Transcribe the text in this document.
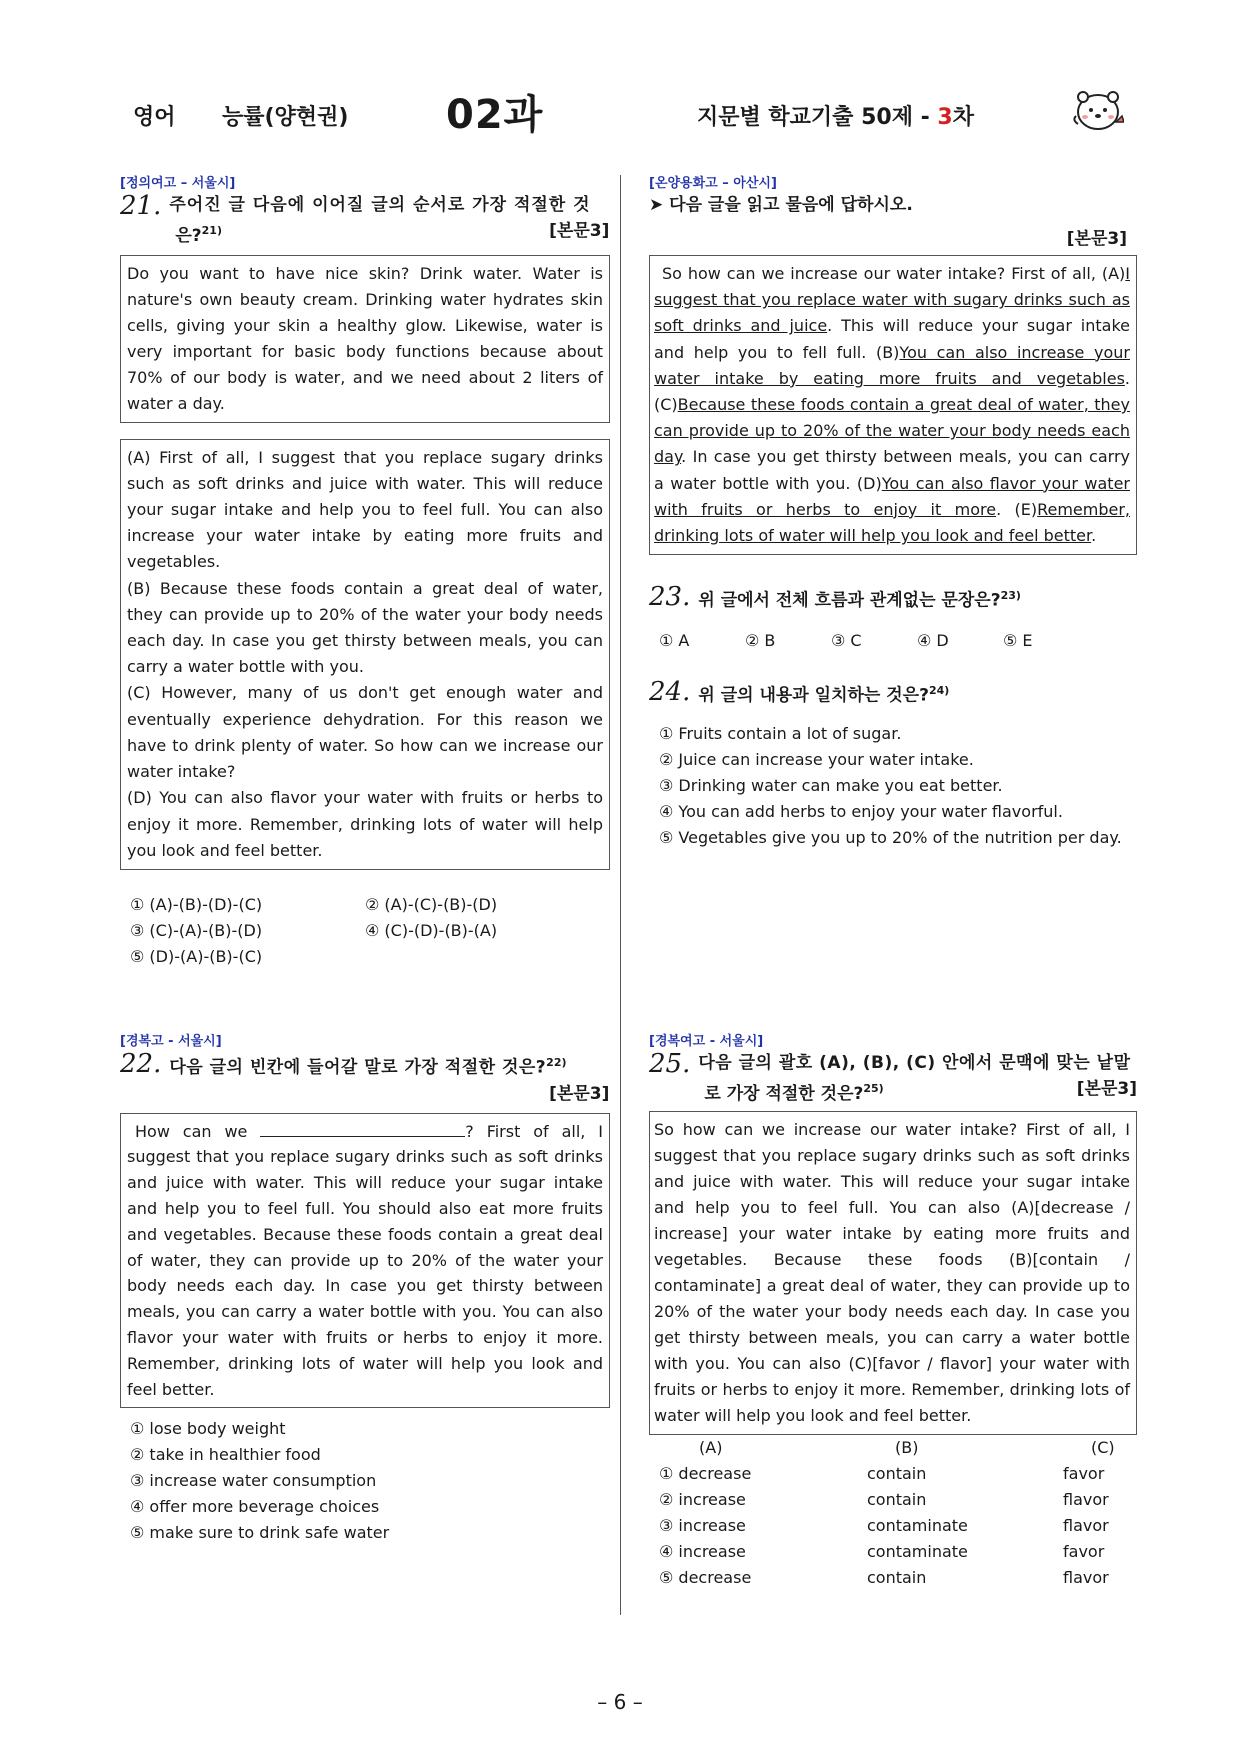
영어 능률(양현권) 02과	지문별 학교기출 50제 - 3차
[정의여고 – 서울시]
21. 주어진 글 다음에 이어질 글의 순서로 가장 적절한 것
은?$^{21)}$	[본문3]
Do you want to have nice skin? Drink water. Water is nature's own beauty cream. Drinking water hydrates skin cells, giving your skin a healthy glow. Likewise, water is very important for basic body functions because about 70% of our body is water, and we need about 2 liters of water a day.
(A) First of all, I suggest that you replace sugary drinks such as soft drinks and juice with water. This will reduce your sugar intake and help you to feel full. You can also increase your water intake by eating more fruits and vegetables.
(B) Because these foods contain a great deal of water, they can provide up to 20% of the water your body needs each day. In case you get thirsty between meals, you can carry a water bottle with you.
(C) However, many of us don't get enough water and eventually experience dehydration. For this reason we have to drink plenty of water. So how can we increase our water intake?
(D) You can also flavor your water with fruits or herbs to enjoy it more. Remember, drinking lots of water will help you look and feel better.
① (A)-(B)-(D)-(C)	② (A)-(C)-(B)-(D)
③ (C)-(A)-(B)-(D)	④ (C)-(D)-(B)-(A)
⑤ (D)-(A)-(B)-(C)
[경복고 - 서울시]
22. 다음 글의 빈칸에 들어갈 말로 가장 적절한 것은?$^{22)}$
[본문3]
How can we	? First of all, I suggest that you replace sugary drinks such as soft drinks and juice with water. This will reduce your sugar intake and help you to feel full. You should also eat more fruits and vegetables. Because these foods contain a great deal of water, they can provide up to 20% of the water your body needs each day. In case you get thirsty between meals, you can carry a water bottle with you. You can also flavor your water with fruits or herbs to enjoy it more. Remember, drinking lots of water will help you look and feel better.
① lose body weight
② take in healthier food
③ increase water consumption
④ offer more beverage choices
⑤ make sure to drink safe water
[온양용화고 – 아산시]
➤ 다음 글을 읽고 물음에 답하시오.
[본문3]
So how can we increase our water intake? First of all, (A)I suggest that you replace water with sugary drinks such as soft drinks and juice. This will reduce your sugar intake and help you to fell full. (B)You can also increase your water intake by eating more fruits and vegetables. (C)Because these foods contain a great deal of water, they can provide up to 20% of the water your body needs each day. In case you get thirsty between meals, you can carry a water bottle with you. (D)You can also flavor your water with fruits or herbs to enjoy it more. (E)Remember, drinking lots of water will help you look and feel better.
23. 위 글에서 전체 흐름과 관계없는 문장은?$^{23)}$
① A	② B	③ C	④ D	⑤ E
24. 위 글의 내용과 일치하는 것은?$^{24)}$
① Fruits contain a lot of sugar.
② Juice can increase your water intake.
③ Drinking water can make you eat better.
④ You can add herbs to enjoy your water flavorful.
⑤ Vegetables give you up to 20% of the nutrition per day.
[경복여고 - 서울시]
25. 다음 글의 괄호 (A), (B), (C) 안에서 문맥에 맞는 낱말
로 가장 적절한 것은?$^{25)}$	[본문3]
So how can we increase our water intake? First of all, I suggest that you replace sugary drinks such as soft drinks and juice with water. This will reduce your sugar intake and help you to feel full. You can also (A)[decrease / increase] your water intake by eating more fruits and vegetables. Because these foods (B)[contain / contaminate] a great deal of water, they can provide up to 20% of the water your body needs each day. In case you get thirsty between meals, you can carry a water bottle with you. You can also (C)[favor / flavor] your water with fruits or herbs to enjoy it more. Remember, drinking lots of water will help you look and feel better.
(A)	(B)	(C)
① decrease	contain	favor
② increase	contain	flavor
③ increase	contaminate	flavor
④ increase	contaminate	favor
⑤ decrease	contain	flavor
– 6 –
